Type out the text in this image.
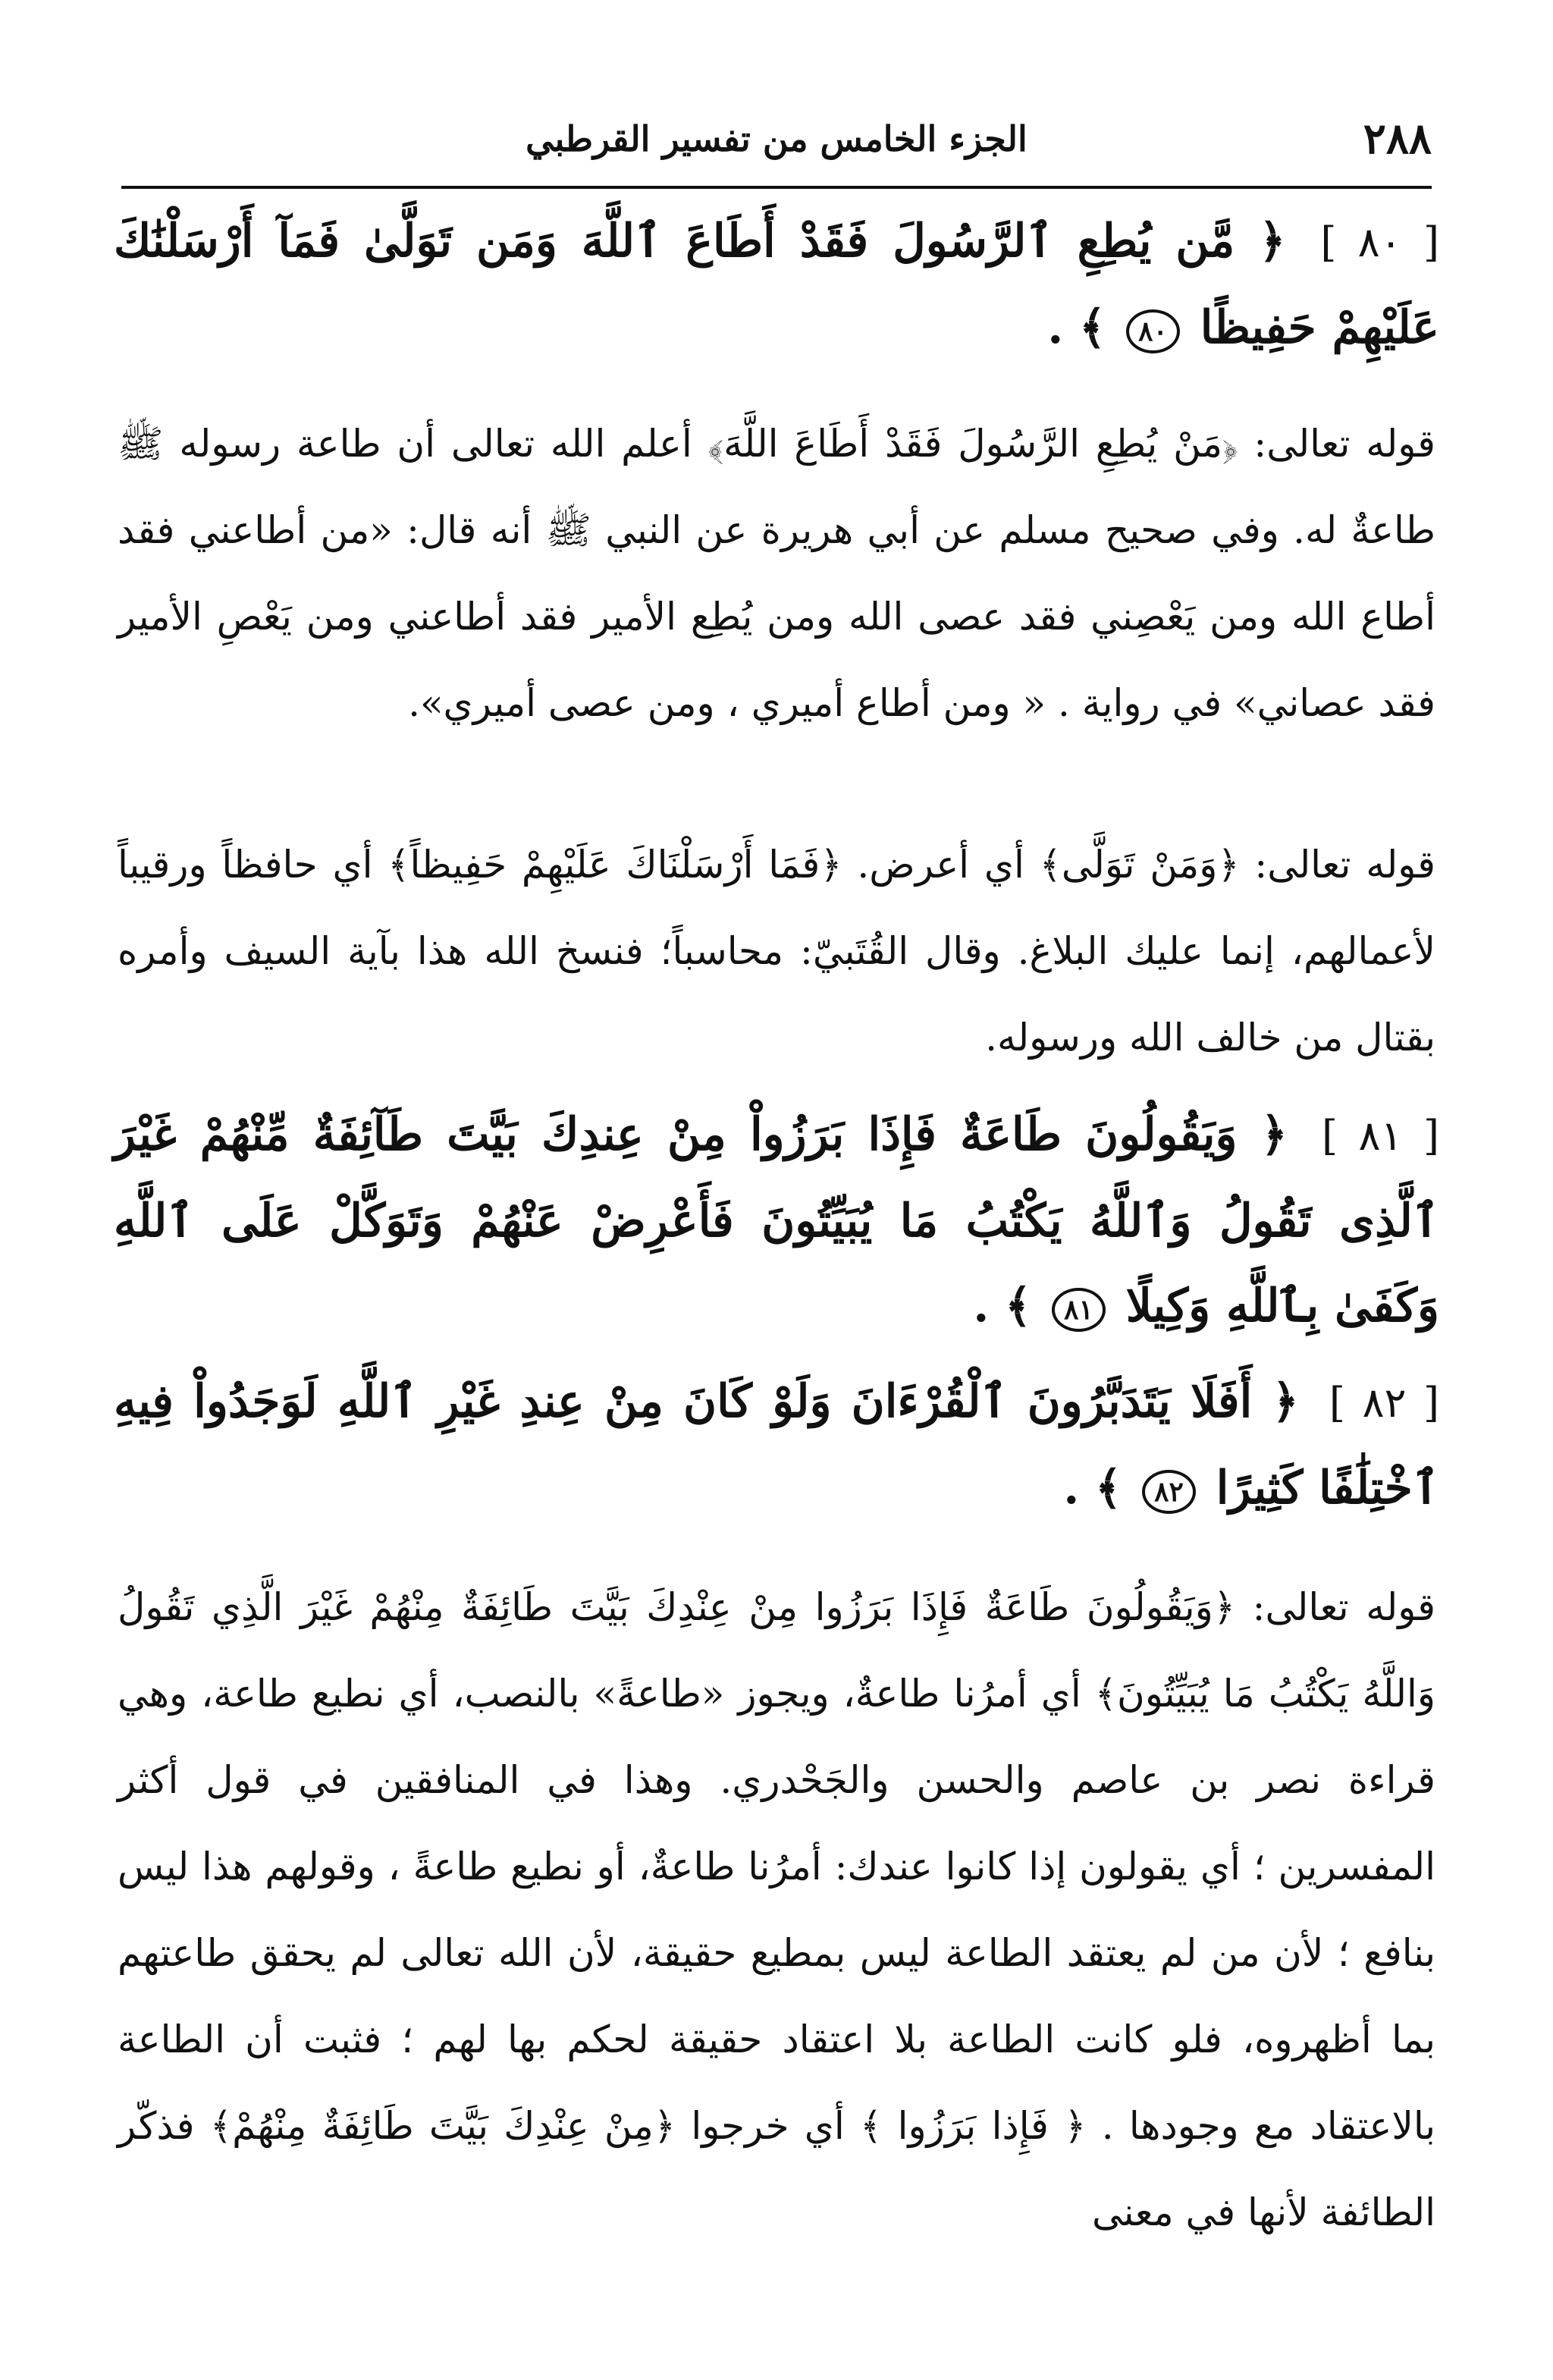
٢٨٨
الجزء الخامس من تفسير القرطبي
[ ٨٠ ] ﴿ مَّن يُطِعِ ٱلرَّسُولَ فَقَدْ أَطَاعَ ٱللَّهَ وَمَن تَوَلَّىٰ فَمَآ أَرْسَلْنَٰكَ عَلَيْهِمْ حَفِيظًا ٨٠ ﴾ .
قوله تعالى: ﴿مَنْ يُطِعِ الرَّسُولَ فَقَدْ أَطَاعَ اللَّهَ﴾ أعلم الله تعالى أن طاعة رسوله ﷺ طاعةٌ له. وفي صحيح مسلم عن أبي هريرة عن النبي ﷺ أنه قال: «من أطاعني فقد أطاع الله ومن يَعْصِني فقد عصى الله ومن يُطِع الأمير فقد أطاعني ومن يَعْصِ الأمير فقد عصاني» في رواية . « ومن أطاع أميري ، ومن عصى أميري».
قوله تعالى: ﴿وَمَنْ تَوَلَّى﴾ أي أعرض. ﴿فَمَا أَرْسَلْنَاكَ عَلَيْهِمْ حَفِيظاً﴾ أي حافظاً ورقيباً لأعمالهم، إنما عليك البلاغ. وقال القُتَبيّ: محاسباً؛ فنسخ الله هذا بآية السيف وأمره بقتال من خالف الله ورسوله.
[ ٨١ ] ﴿ وَيَقُولُونَ طَاعَةٌ فَإِذَا بَرَزُواْ مِنْ عِندِكَ بَيَّتَ طَآئِفَةٌ مِّنْهُمْ غَيْرَ ٱلَّذِى تَقُولُ وَٱللَّهُ يَكْتُبُ مَا يُبَيِّتُونَ فَأَعْرِضْ عَنْهُمْ وَتَوَكَّلْ عَلَى ٱللَّهِ وَكَفَىٰ بِٱللَّهِ وَكِيلًا ٨١ ﴾ .
[ ٨٢ ] ﴿ أَفَلَا يَتَدَبَّرُونَ ٱلْقُرْءَانَ وَلَوْ كَانَ مِنْ عِندِ غَيْرِ ٱللَّهِ لَوَجَدُواْ فِيهِ ٱخْتِلَٰفًا كَثِيرًا ٨٢ ﴾ .
قوله تعالى: ﴿وَيَقُولُونَ طَاعَةٌ فَإِذَا بَرَزُوا مِنْ عِنْدِكَ بَيَّتَ طَائِفَةٌ مِنْهُمْ غَيْرَ الَّذِي تَقُولُ وَاللَّهُ يَكْتُبُ مَا يُبَيِّتُونَ﴾ أي أمرُنا طاعةٌ، ويجوز «طاعةً» بالنصب، أي نطيع طاعة، وهي قراءة نصر بن عاصم والحسن والجَحْدري. وهذا في المنافقين في قول أكثر المفسرين ؛ أي يقولون إذا كانوا عندك: أمرُنا طاعةٌ، أو نطيع طاعةً ، وقولهم هذا ليس بنافع ؛ لأن من لم يعتقد الطاعة ليس بمطيع حقيقة، لأن الله تعالى لم يحقق طاعتهم بما أظهروه، فلو كانت الطاعة بلا اعتقاد حقيقة لحكم بها لهم ؛ فثبت أن الطاعة بالاعتقاد مع وجودها . ﴿ فَإِذا بَرَزُوا ﴾ أي خرجوا ﴿مِنْ عِنْدِكَ بَيَّتَ طَائِفَةٌ مِنْهُمْ﴾ فذكّر الطائفة لأنها في معنى
